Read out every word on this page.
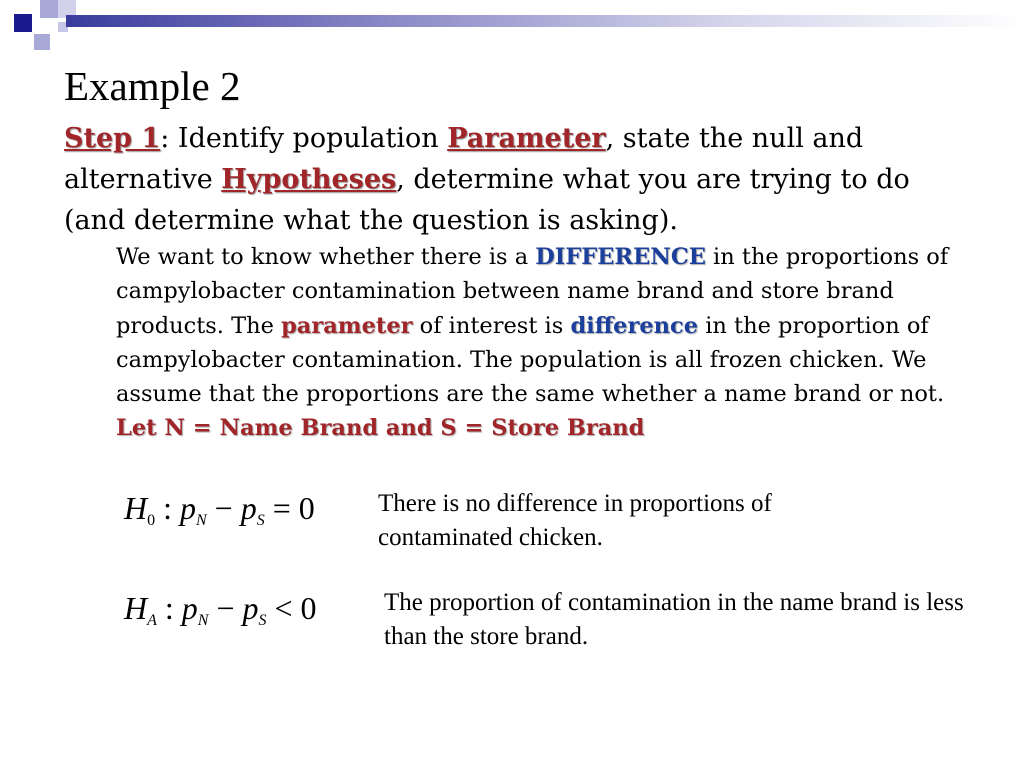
Example 2
Step 1: Identify population Parameter, state the null and alternative Hypotheses, determine what you are trying to do (and determine what the question is asking).
We want to know whether there is a DIFFERENCE in the proportions of campylobacter contamination between name brand and store brand products. The parameter of interest is difference in the proportion of campylobacter contamination. The population is all frozen chicken. We assume that the proportions are the same whether a name brand or not. Let N = Name Brand and S = Store Brand
$H_0$ : $p_N - p_S = 0$	There is no difference in proportions of contaminated chicken.
$H_A$ : $p_N - p_S < 0$	The proportion of contamination in the name brand is less than the store brand.
